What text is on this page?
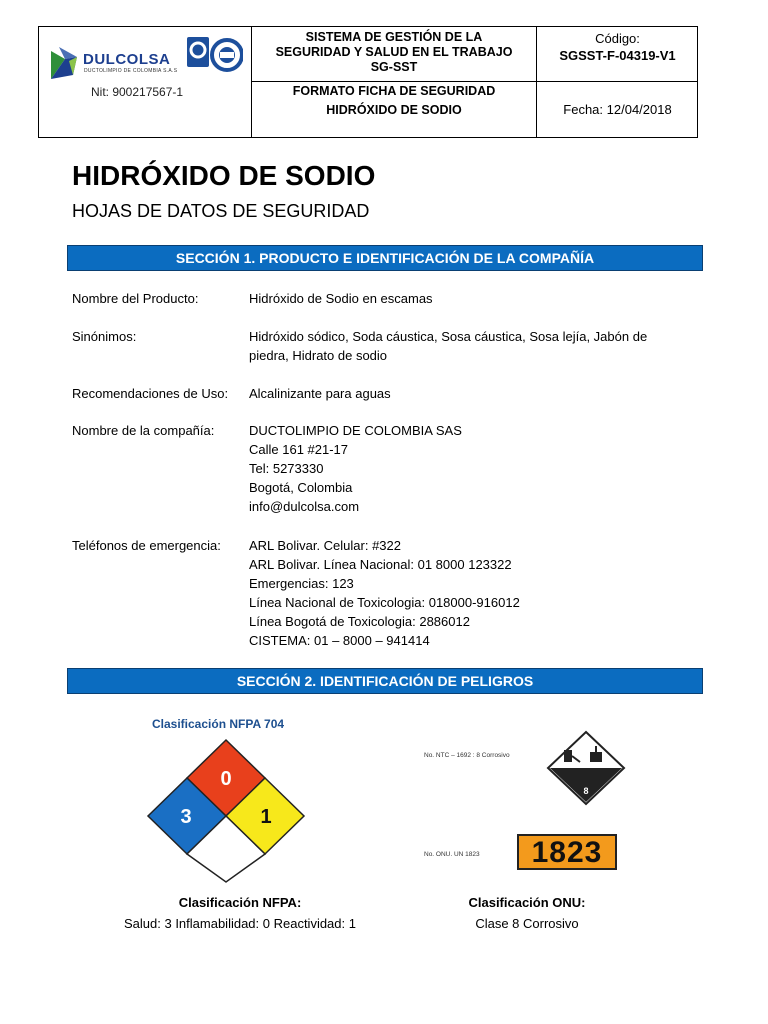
DULCOLSA
DUCTOLIMPIO DE COLOMBIA S.A.S
Nit: 900217567-1
SISTEMA DE GESTIÓN DE LA
SEGURIDAD Y SALUD EN EL TRABAJO
SG-SST
Código:
SGSST-F-04319-V1
FORMATO FICHA DE SEGURIDAD
HIDRÓXIDO DE SODIO	Fecha: 12/04/2018
HIDRÓXIDO DE SODIO
HOJAS DE DATOS DE SEGURIDAD
SECCIÓN 1. PRODUCTO E IDENTIFICACIÓN DE LA COMPAÑÍA
Nombre del Producto:	Hidróxido de Sodio en escamas
Sinónimos:	Hidróxido sódico, Soda cáustica, Sosa cáustica, Sosa lejía, Jabón de
piedra, Hidrato de sodio
Recomendaciones de Uso: Alcalinizante para aguas
Nombre de la compañía:	DUCTOLIMPIO DE COLOMBIA SAS
Calle 161 #21-17
Tel: 5273330
Bogotá, Colombia
info@dulcolsa.com
Teléfonos de emergencia: ARL Bolivar. Celular: #322
ARL Bolivar. Línea Nacional: 01 8000 123322
Emergencias: 123
Línea Nacional de Toxicologia: 018000-916012
Línea Bogotá de Toxicologia: 2886012
CISTEMA: 01 – 8000 – 941414
SECCIÓN 2. IDENTIFICACIÓN DE PELIGROS
Clasificación NFPA 704
0
3	1
No. NTC – 1692 : 8 Corrosivo
8
No. ONU. UN 1823	1823
Clasificación NFPA:
Salud: 3 Inflamabilidad: 0 Reactividad: 1
Clasificación ONU:
Clase 8 Corrosivo
